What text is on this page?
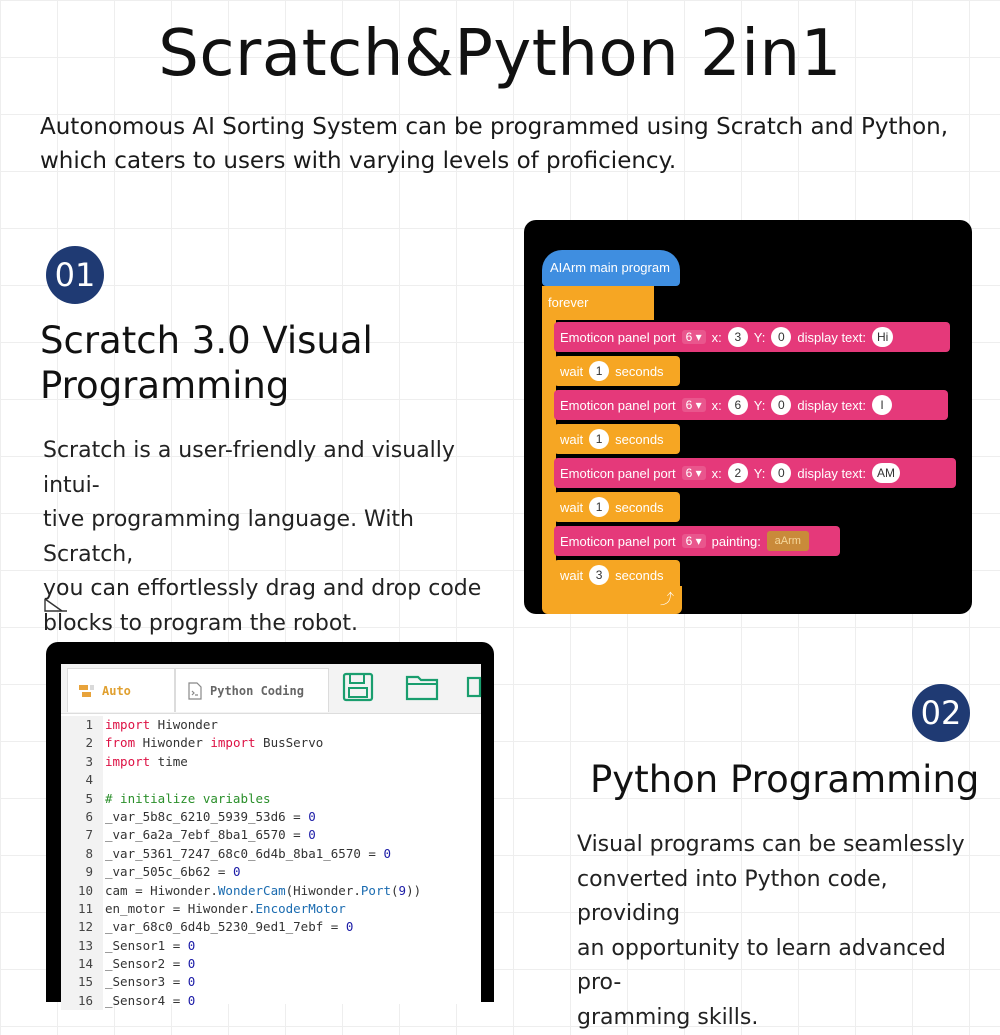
Scratch&Python 2in1
Autonomous AI Sorting System can be programmed using Scratch and Python,
which caters to users with varying levels of proficiency.
01
Scratch 3.0 Visual
Programming
Scratch is a user-friendly and visually intui-
tive programming language. With Scratch,
you can effortlessly drag and drop code
blocks to program the robot.
AIArm main program
forever
⤴
Emoticon panel port 6 ▾ x:	3 Y:	0 display text: Hi
wait	1 seconds
Emoticon panel port 6 ▾ x:	6 Y:	0 display text:	I
wait	1 seconds
Emoticon panel port 6 ▾ x:	2 Y:	0 display text: AM
wait	1 seconds
Emoticon panel port 6 ▾ painting:	aArm
wait	3 seconds
Auto	Python Coding
1 import Hiwonder
2 from Hiwonder import BusServo
3 import time
4
5 # initialize variables
6 _var_5b8c_6210_5939_53d6 = 0
7 _var_6a2a_7ebf_8ba1_6570 = 0
8 _var_5361_7247_68c0_6d4b_8ba1_6570 = 0
9 _var_505c_6b62 = 0
10 cam = Hiwonder.WonderCam(Hiwonder.Port(9))
11 en_motor = Hiwonder.EncoderMotor
12 _var_68c0_6d4b_5230_9ed1_7ebf = 0
13 _Sensor1 = 0
14 _Sensor2 = 0
15 _Sensor3 = 0
16 _Sensor4 = 0
02
Python Programming
Visual programs can be seamlessly
converted into Python code, providing
an opportunity to learn advanced pro-
gramming skills.
